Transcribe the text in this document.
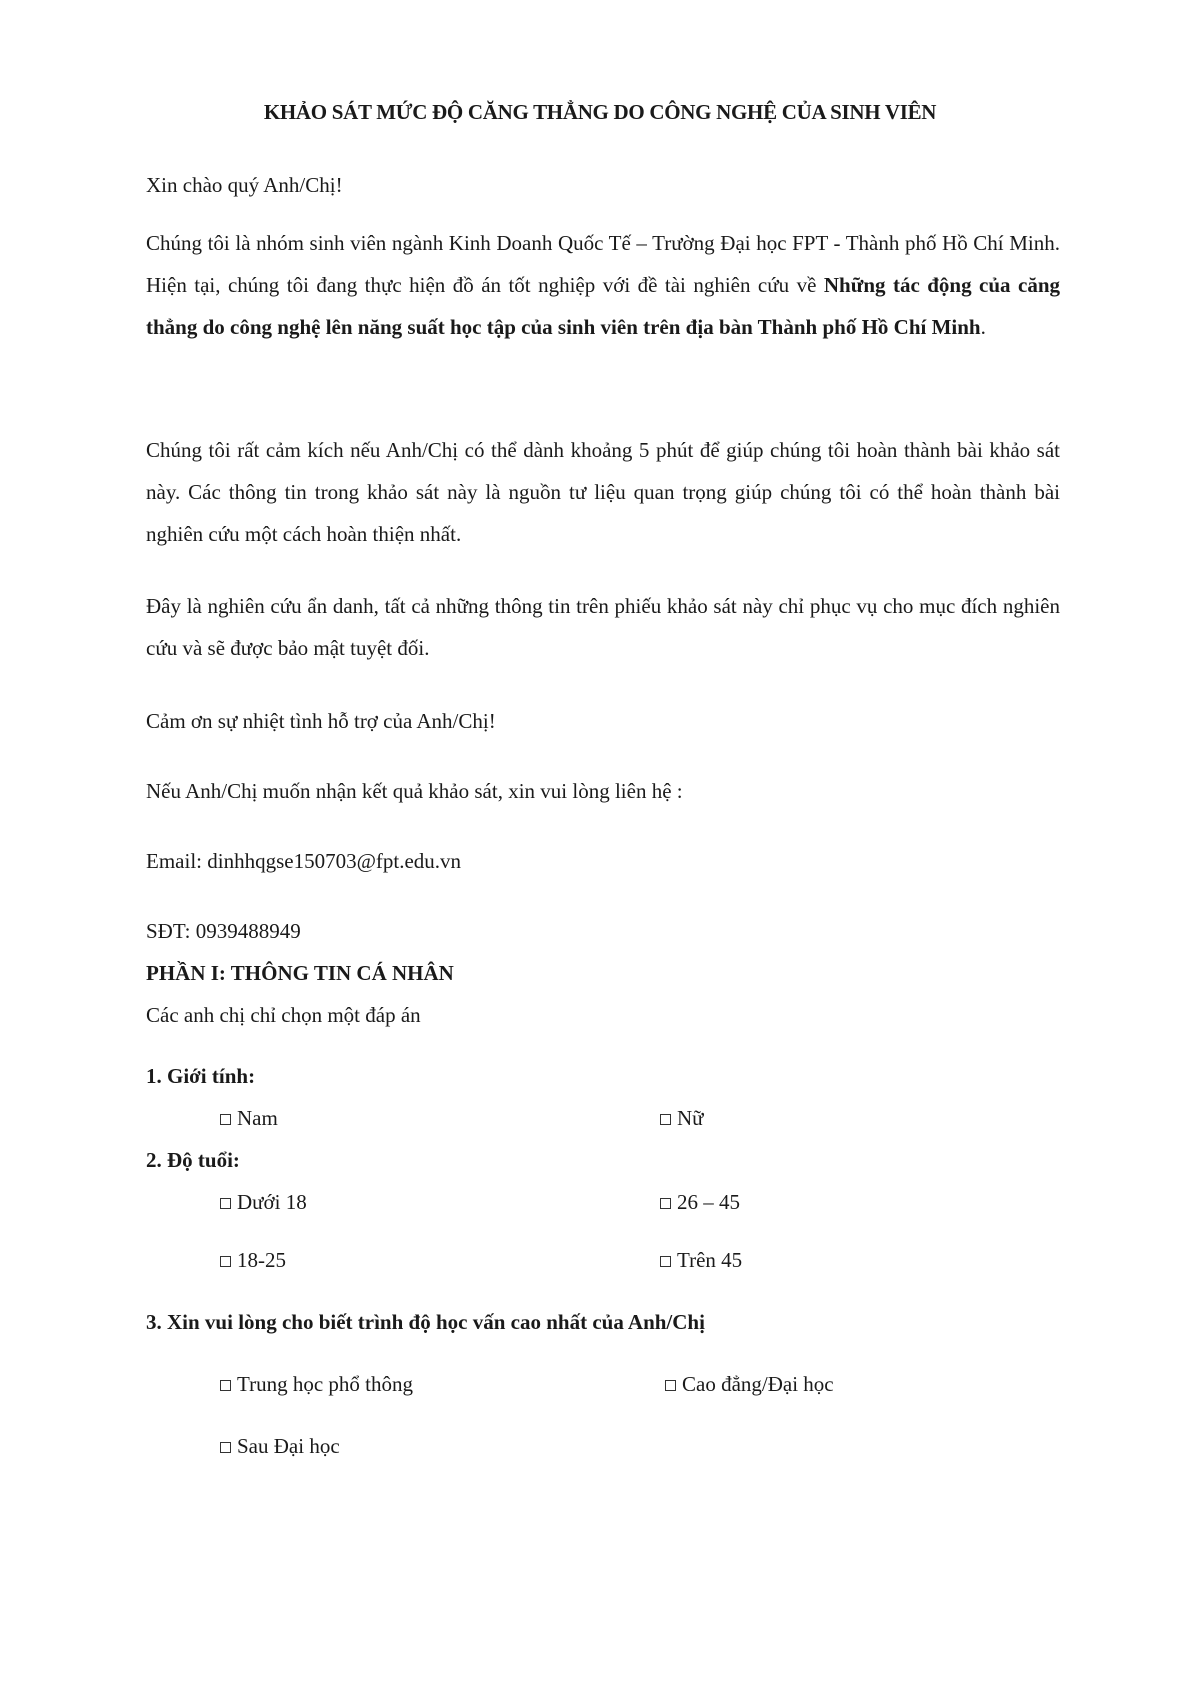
KHẢO SÁT MỨC ĐỘ CĂNG THẲNG DO CÔNG NGHỆ CỦA SINH VIÊN

Xin chào quý Anh/Chị!

Chúng tôi là nhóm sinh viên ngành Kinh Doanh Quốc Tế – Trường Đại học FPT - Thành phố Hồ Chí Minh. Hiện tại, chúng tôi đang thực hiện đồ án tốt nghiệp với đề tài nghiên cứu về Những tác động của căng thẳng do công nghệ lên năng suất học tập của sinh viên trên địa bàn Thành phố Hồ Chí Minh.

Chúng tôi rất cảm kích nếu Anh/Chị có thể dành khoảng 5 phút để giúp chúng tôi hoàn thành bài khảo sát này. Các thông tin trong khảo sát này là nguồn tư liệu quan trọng giúp chúng tôi có thể hoàn thành bài nghiên cứu một cách hoàn thiện nhất.

Đây là nghiên cứu ẩn danh, tất cả những thông tin trên phiếu khảo sát này chỉ phục vụ cho mục đích nghiên cứu và sẽ được bảo mật tuyệt đối.

Cảm ơn sự nhiệt tình hỗ trợ của Anh/Chị!

Nếu Anh/Chị muốn nhận kết quả khảo sát, xin vui lòng liên hệ :

Email: dinhhqgse150703@fpt.edu.vn

SĐT: 0939488949

PHẦN I: THÔNG TIN CÁ NHÂN
Các anh chị chỉ chọn một đáp án
1. Giới tính:
Nam	Nữ
2. Độ tuổi:
Dưới 18	26 – 45
18-25	Trên 45
3. Xin vui lòng cho biết trình độ học vấn cao nhất của Anh/Chị
Trung học phổ thông	Cao đẳng/Đại học
Sau Đại học
